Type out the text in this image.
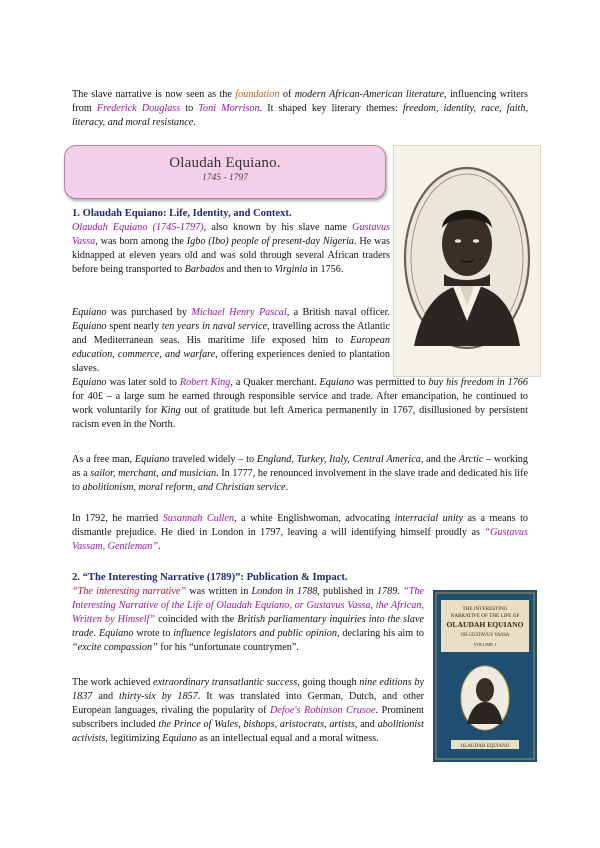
The slave narrative is now seen as the foundation of modern African-American literature, influencing writers from Frederick Douglass to Toni Morrison. It shaped key literary themes: freedom, identity, race, faith, literacy, and moral resistance.

Olaudah Equiano.
1745 - 1797
1. Olaudah Equiano: Life, Identity, and Context.

Olaudah Equiano (1745-1797), also known by his slave name Gustavus Vassa, was born among the Igbo (Ibo) people of present-day Nigeria. He was kidnapped at eleven years old and was sold through several African traders before being transported to Barbados and then to Virginia in 1756.

Equiano was purchased by Michael Henry Pascal, a British naval officer. Equiano spent nearly ten years in naval service, travelling across the Atlantic and Mediterranean seas. His maritime life exposed him to European education, commerce, and warfare, offering experiences denied to plantation slaves.

Equiano was later sold to Robert King, a Quaker merchant. Equiano was permitted to buy his freedom in 1766 for 40£ – a large sum he earned through responsible service and trade. After emancipation, he continued to work voluntarily for King out of gratitude but left America permanently in 1767, disillusioned by persistent racism even in the North.

As a free man, Equiano traveled widely – to England, Turkey, Italy, Central America, and the Arctic – working as a sailor, merchant, and musician. In 1777, he renounced involvement in the slave trade and dedicated his life to abolitionism, moral reform, and Christian service.

In 1792, he married Susannah Cullen, a white Englishwoman, advocating interracial unity as a means to dismantle prejudice. He died in London in 1797, leaving a will identifying himself proudly as “Gustavus Vassam, Gentleman”.

2. “The Interesting Narrative (1789)”: Publication & Impact.

“The interesting narrative” was written in London in 1788, published in 1789. “The Interesting Narrative of the Life of Olaudah Equiano, or Gustavus Vassa, the African, Written by Himself” coincided with the British parliamentary inquiries into the slave trade. Equiano wrote to influence legislators and public opinion, declaring his aim to “excite compassion” for his “unfortunate countrymen”.

The work achieved extraordinary transatlantic success, going though nine editions by 1837 and thirty-six by 1857. It was translated into German, Dutch, and other European languages, rivaling the popularity of Defoe's Robinson Crusoe. Prominent subscribers included the Prince of Wales, bishops, aristocrats, artists, and abolitionist activists, legitimizing Equiano as an intellectual equal and a moral witness.

THE INTERESTING
NARRATIVE OF THE LIFE OF
OLAUDAH EQUIANO
OR GUSTAVUS VASSA
VOLUME 1
OLAUDAH EQUIANO
